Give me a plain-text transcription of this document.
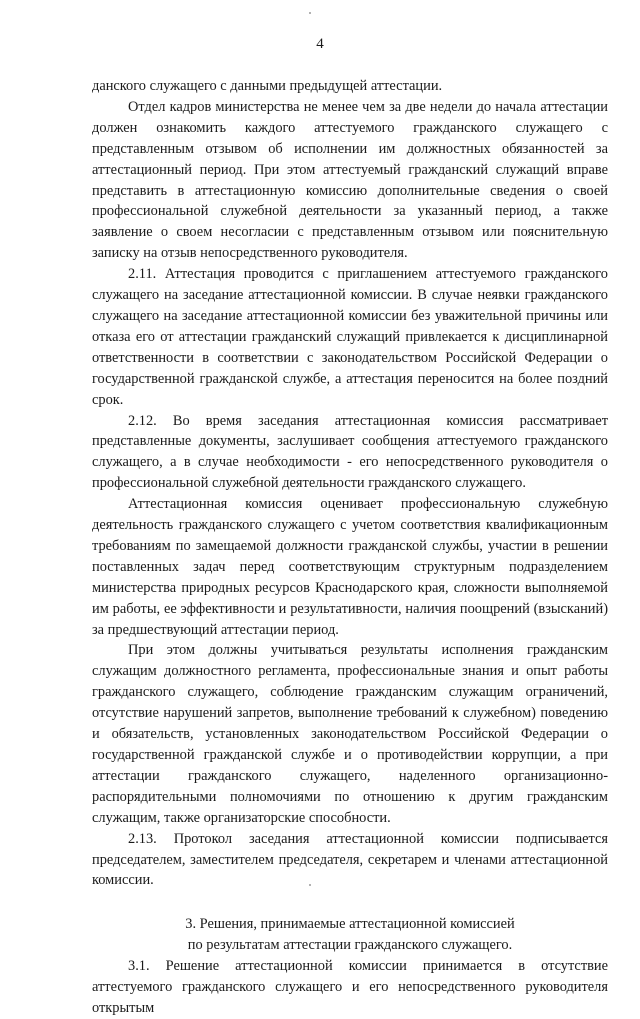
4

данского служащего с данными предыдущей аттестации.

Отдел кадров министерства не менее чем за две недели до начала аттестации должен ознакомить каждого аттестуемого гражданского служащего с представленным отзывом об исполнении им должностных обязанностей за аттестационный период. При этом аттестуемый гражданский служащий вправе представить в аттестационную комиссию дополнительные сведения о своей профессиональной служебной деятельности за указанный период, а также заявление о своем несогласии с представленным отзывом или пояснительную записку на отзыв непосредственного руководителя.

2.11. Аттестация проводится с приглашением аттестуемого гражданского служащего на заседание аттестационной комиссии. В случае неявки гражданского служащего на заседание аттестационной комиссии без уважительной причины или отказа его от аттестации гражданский служащий привлекается к дисциплинарной ответственности в соответствии с законодательством Российской Федерации о государственной гражданской службе, а аттестация переносится на более поздний срок.

2.12. Во время заседания аттестационная комиссия рассматривает представленные документы, заслушивает сообщения аттестуемого гражданского служащего, а в случае необходимости - его непосредственного руководителя о профессиональной служебной деятельности гражданского служащего.

Аттестационная комиссия оценивает профессиональную служебную деятельность гражданского служащего с учетом соответствия квалификационным требованиям по замещаемой должности гражданской службы, участии в решении поставленных задач перед соответствующим структурным подразделением министерства природных ресурсов Краснодарского края, сложности выполняемой им работы, ее эффективности и результативности, наличия поощрений (взысканий) за предшествующий аттестации период.

При этом должны учитываться результаты исполнения гражданским служащим должностного регламента, профессиональные знания и опыт работы гражданского служащего, соблюдение гражданским служащим ограничений, отсутствие нарушений запретов, выполнение требований к служебном) поведению и обязательств, установленных законодательством Российской Федерации о государственной гражданской службе и о противодействии коррупции, а при аттестации гражданского служащего, наделенного организационно-распорядительными полномочиями по отношению к другим гражданским служащим, также организаторские способности.

2.13. Протокол заседания аттестационной комиссии подписывается председателем, заместителем председателя, секретарем и членами аттестационной комиссии.

3. Решения, принимаемые аттестационной комиссией
по результатам аттестации гражданского служащего.

3.1. Решение аттестационной комиссии принимается в отсутствие аттестуемого гражданского служащего и его непосредственного руководителя открытым
